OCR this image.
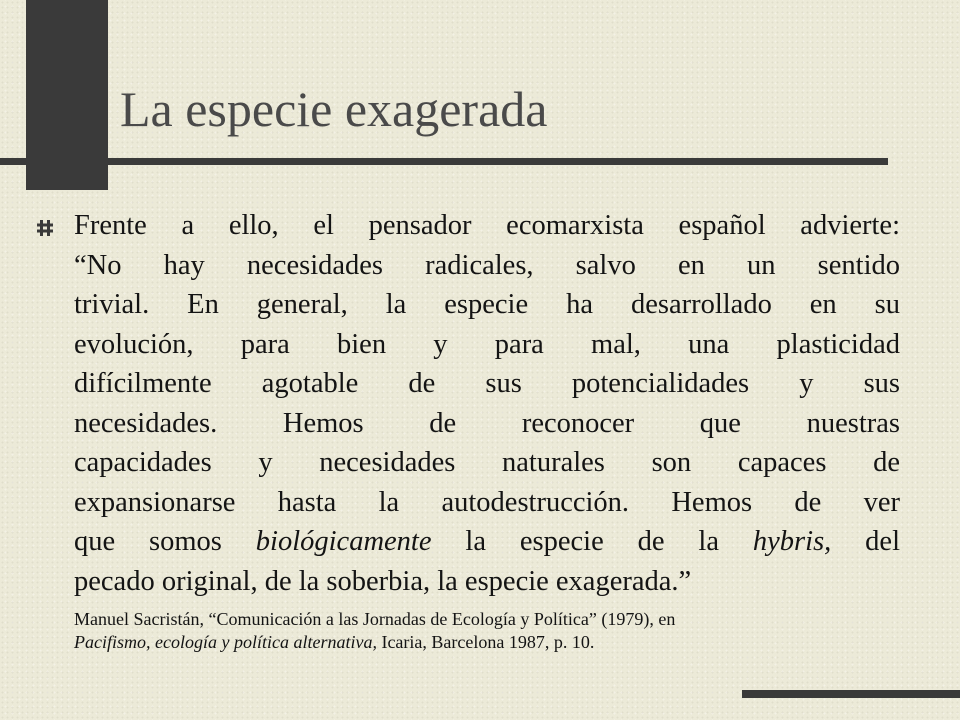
La especie exagerada
Frente a ello, el pensador ecomarxista español advierte:
“No hay necesidades radicales, salvo en un sentido
trivial. En general, la especie ha desarrollado en su
evolución, para bien y para mal, una plasticidad
difícilmente agotable de sus potencialidades y sus
necesidades. Hemos de reconocer que nuestras
capacidades y necesidades naturales son capaces de
expansionarse hasta la autodestrucción. Hemos de ver
que somos biológicamente la especie de la hybris, del
pecado original, de la soberbia, la especie exagerada.”
Manuel Sacristán, “Comunicación a las Jornadas de Ecología y Política” (1979), en
Pacifismo, ecología y política alternativa, Icaria, Barcelona 1987, p. 10.
